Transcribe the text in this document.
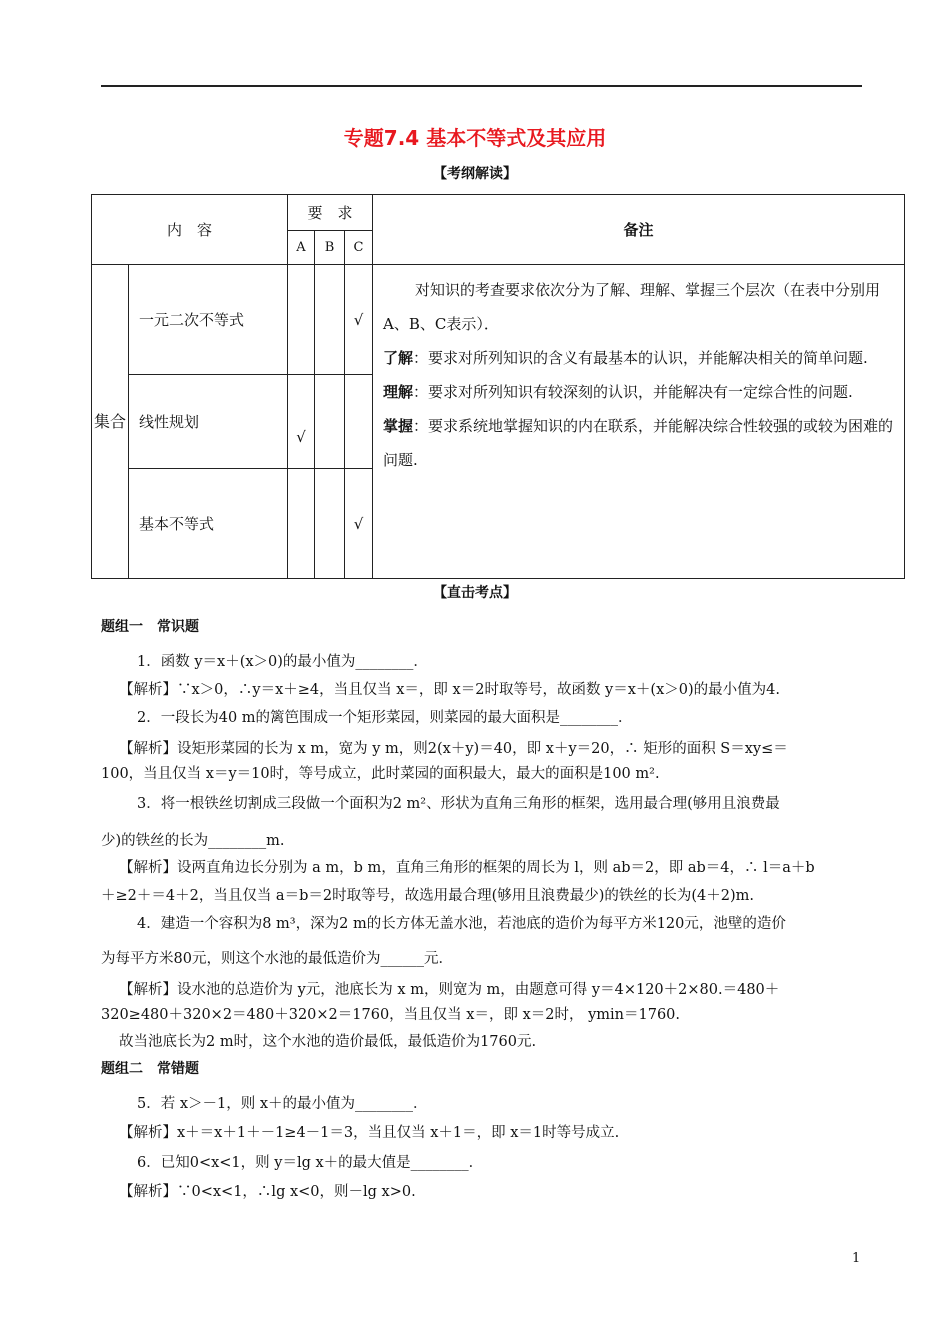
专题7.4 基本不等式及其应用
【考纲解读】
内　容		要　求			备注
		A	B	C	
集合	一元二次不等式			√	对知识的考查要求依次分为了解、理解、掌握三个层次（在表中分别用A、B、C表示）．

了解：要求对所列知识的含义有最基本的认识，并能解决相关的简单问题.

理解：要求对所列知识有较深刻的认识，并能解决有一定综合性的问题.

掌握：要求系统地掌握知识的内在联系，并能解决综合性较强的或较为困难的问题.

	线性规划	√			
	基本不等式			√	
【直击考点】
题组一　常识题
1．函数 y＝x＋(x＞0)的最小值为________．
【解析】∵x＞0，∴y＝x＋≥4，当且仅当 x＝，即 x＝2时取等号，故函数 y＝x＋(x＞0)的最小值为4.
2．一段长为40 m的篱笆围成一个矩形菜园，则菜园的最大面积是________．
【解析】设矩形菜园的长为 x m，宽为 y m，则2(x＋y)＝40，即 x＋y＝20，∴ 矩形的面积 S＝xy≤＝
100，当且仅当 x＝y＝10时，等号成立，此时菜园的面积最大，最大的面积是100 m².
3．将一根铁丝切割成三段做一个面积为2 m²、形状为直角三角形的框架，选用最合理(够用且浪费最
少)的铁丝的长为________m.
【解析】设两直角边长分别为 a m，b m，直角三角形的框架的周长为 l，则 ab＝2，即 ab＝4，∴ l＝a＋b
＋≥2＋＝4＋2，当且仅当 a＝b＝2时取等号，故选用最合理(够用且浪费最少)的铁丝的长为(4＋2)m.
4．建造一个容积为8 m³，深为2 m的长方体无盖水池，若池底的造价为每平方米120元，池壁的造价
为每平方米80元，则这个水池的最低造价为______元．
【解析】设水池的总造价为 y元，池底长为 x m，则宽为 m，由题意可得 y＝4×120＋2×80.＝480＋
320≥480＋320×2＝480＋320×2＝1760，当且仅当 x＝，即 x＝2时， ymin＝1760.
故当池底长为2 m时，这个水池的造价最低，最低造价为1760元.
题组二　常错题
5．若 x＞－1，则 x＋的最小值为________．
【解析】x＋＝x＋1＋－1≥4－1＝3，当且仅当 x＋1＝，即 x＝1时等号成立.
6．已知0<x<1，则 y＝lg x＋的最大值是________．
【解析】∵0<x<1，∴lg x<0，则－lg x>0.
1
